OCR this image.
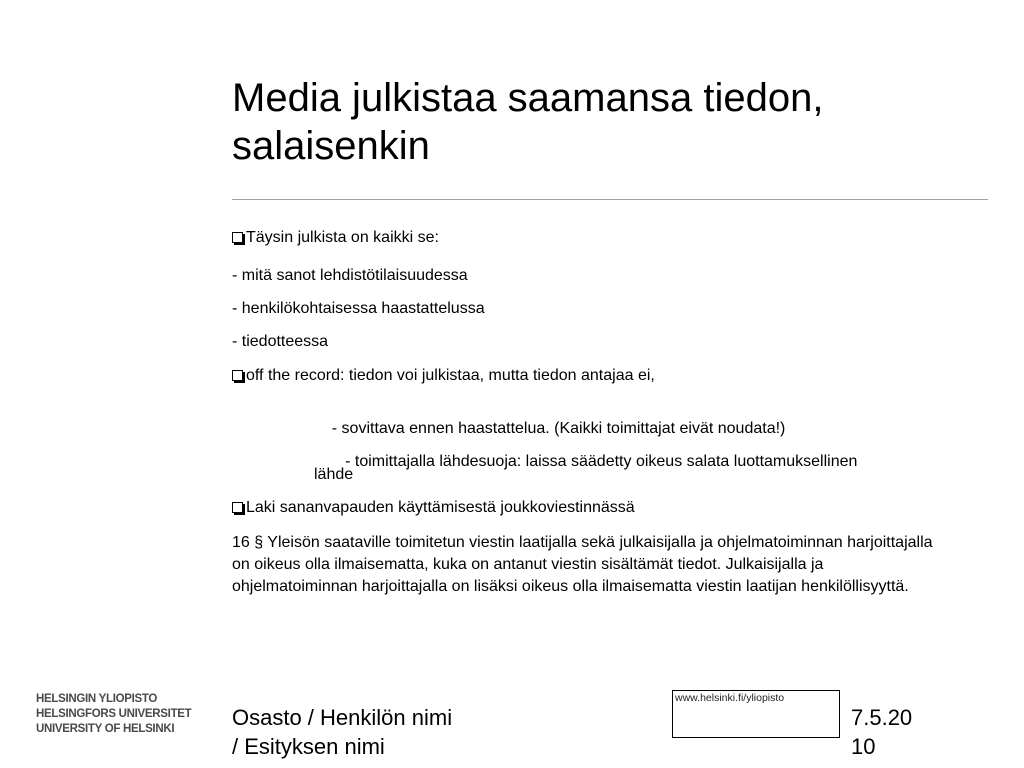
Media julkistaa saamansa tiedon,
salaisenkin
Täysin julkista on kaikki se:
- mitä sanot lehdistötilaisuudessa
- henkilökohtaisessa haastattelussa
- tiedotteessa
off the record: tiedon voi julkistaa, mutta tiedon antajaa ei,

- sovittava ennen haastattelua. (Kaikki toimittajat eivät noudata!)

- toimittajalla lähdesuoja: laissa säädetty oikeus salata luottamuksellinen

lähde
Laki sananvapauden käyttämisestä joukkoviestinnässä
16 § Yleisön saataville toimitetun viestin laatijalla sekä julkaisijalla ja ohjelmatoiminnan harjoittajalla on oikeus olla ilmaisematta, kuka on antanut viestin sisältämät tiedot. Julkaisijalla ja ohjelmatoiminnan harjoittajalla on lisäksi oikeus olla ilmaisematta viestin laatijan henkilöllisyyttä.
HELSINGIN YLIOPISTO
HELSINGFORS UNIVERSITET
UNIVERSITY OF HELSINKI	Osasto / Henkilön nimi
/ Esityksen nimi
www.helsinki.fi/yliopisto
7.5.20
10
